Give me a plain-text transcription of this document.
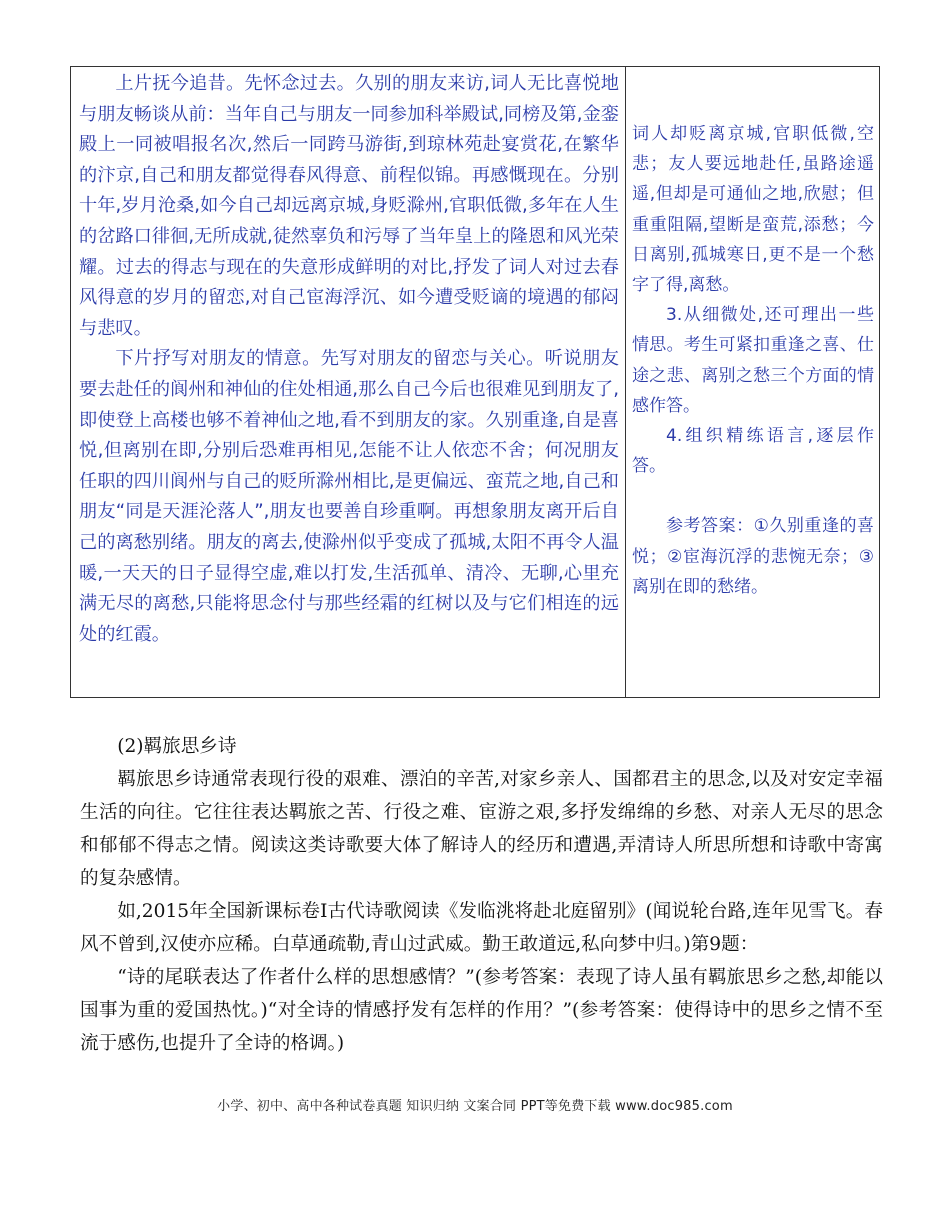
上片抚今追昔。先怀念过去。久别的朋友来访,词人无比喜悦地与朋友畅谈从前：当年自己与朋友一同参加科举殿试,同榜及第,金銮殿上一同被唱报名次,然后一同跨马游街,到琼林苑赴宴赏花,在繁华的汴京,自己和朋友都觉得春风得意、前程似锦。再感慨现在。分别十年,岁月沧桑,如今自己却远离京城,身贬滁州,官职低微,多年在人生的岔路口徘徊,无所成就,徒然辜负和污辱了当年皇上的隆恩和风光荣耀。过去的得志与现在的失意形成鲜明的对比,抒发了词人对过去春风得意的岁月的留恋,对自己宦海浮沉、如今遭受贬谪的境遇的郁闷与悲叹。

下片抒写对朋友的情意。先写对朋友的留恋与关心。听说朋友要去赴任的阆州和神仙的住处相通,那么自己今后也很难见到朋友了,即使登上高楼也够不着神仙之地,看不到朋友的家。久别重逢,自是喜悦,但离别在即,分别后恐难再相见,怎能不让人依恋不舍；何况朋友任职的四川阆州与自己的贬所滁州相比,是更偏远、蛮荒之地,自己和朋友“同是天涯沦落人”,朋友也要善自珍重啊。再想象朋友离开后自己的离愁别绪。朋友的离去,使滁州似乎变成了孤城,太阳不再令人温暖,一天天的日子显得空虚,难以打发,生活孤单、清冷、无聊,心里充满无尽的离愁,只能将思念付与那些经霜的红树以及与它们相连的远处的红霞。

词人却贬离京城,官职低微,空悲；友人要远地赴任,虽路途遥遥,但却是可通仙之地,欣慰；但重重阻隔,望断是蛮荒,添愁；今日离别,孤城寒日,更不是一个愁字了得,离愁。

3.从细微处,还可理出一些情思。考生可紧扣重逢之喜、仕途之悲、离别之愁三个方面的情感作答。

4.组织精练语言,逐层作答。

参考答案：①久别重逢的喜悦；②宦海沉浮的悲惋无奈；③离别在即的愁绪。

(2)羁旅思乡诗

羁旅思乡诗通常表现行役的艰难、漂泊的辛苦,对家乡亲人、国都君主的思念,以及对安定幸福生活的向往。它往往表达羁旅之苦、行役之难、宦游之艰,多抒发绵绵的乡愁、对亲人无尽的思念和郁郁不得志之情。阅读这类诗歌要大体了解诗人的经历和遭遇,弄清诗人所思所想和诗歌中寄寓的复杂感情。

如,2015年全国新课标卷Ⅰ古代诗歌阅读《发临洮将赴北庭留别》(闻说轮台路,连年见雪飞。春风不曾到,汉使亦应稀。白草通疏勒,青山过武威。勤王敢道远,私向梦中归。)第9题：

“诗的尾联表达了作者什么样的思想感情？”(参考答案：表现了诗人虽有羁旅思乡之愁,却能以国事为重的爱国热忱。)“对全诗的情感抒发有怎样的作用？”(参考答案：使得诗中的思乡之情不至流于感伤,也提升了全诗的格调。)

小学、初中、高中各种试卷真题 知识归纳 文案合同 PPT等免费下载 www.doc985.com
